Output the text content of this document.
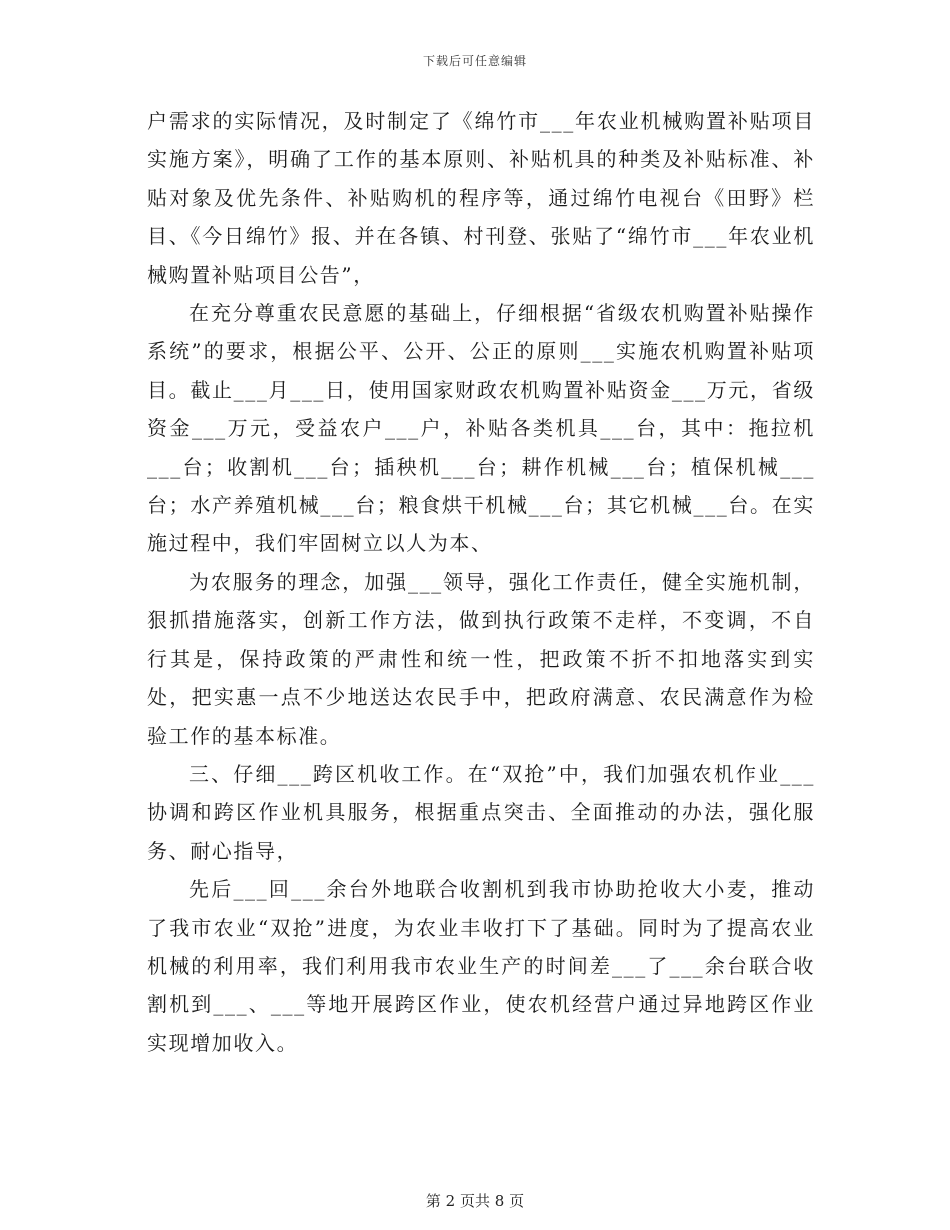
下载后可任意编辑

户需求的实际情况，及时制定了《绵竹市___年农业机械购置补贴项目实施方案》，明确了工作的基本原则、补贴机具的种类及补贴标准、补贴对象及优先条件、补贴购机的程序等，通过绵竹电视台《田野》栏目、《今日绵竹》报、并在各镇、村刊登、张贴了“绵竹市___年农业机械购置补贴项目公告”，

在充分尊重农民意愿的基础上，仔细根据“省级农机购置补贴操作系统”的要求，根据公平、公开、公正的原则___实施农机购置补贴项目。截止___月___日，使用国家财政农机购置补贴资金___万元，省级资金___万元，受益农户___户，补贴各类机具___台，其中：拖拉机___台；收割机___台；插秧机___台；耕作机械___台；植保机械___台；水产养殖机械___台；粮食烘干机械___台；其它机械___台。在实施过程中，我们牢固树立以人为本、

为农服务的理念，加强___领导，强化工作责任，健全实施机制，狠抓措施落实，创新工作方法，做到执行政策不走样，不变调，不自行其是，保持政策的严肃性和统一性，把政策不折不扣地落实到实处，把实惠一点不少地送达农民手中，把政府满意、农民满意作为检验工作的基本标准。

三、仔细___跨区机收工作。在“双抢”中，我们加强农机作业___协调和跨区作业机具服务，根据重点突击、全面推动的办法，强化服务、耐心指导，

先后___回___余台外地联合收割机到我市协助抢收大小麦，推动了我市农业“双抢”进度，为农业丰收打下了基础。同时为了提高农业机械的利用率，我们利用我市农业生产的时间差___了___余台联合收割机到___、___等地开展跨区作业，使农机经营户通过异地跨区作业实现增加收入。

第 2 页共 8 页
